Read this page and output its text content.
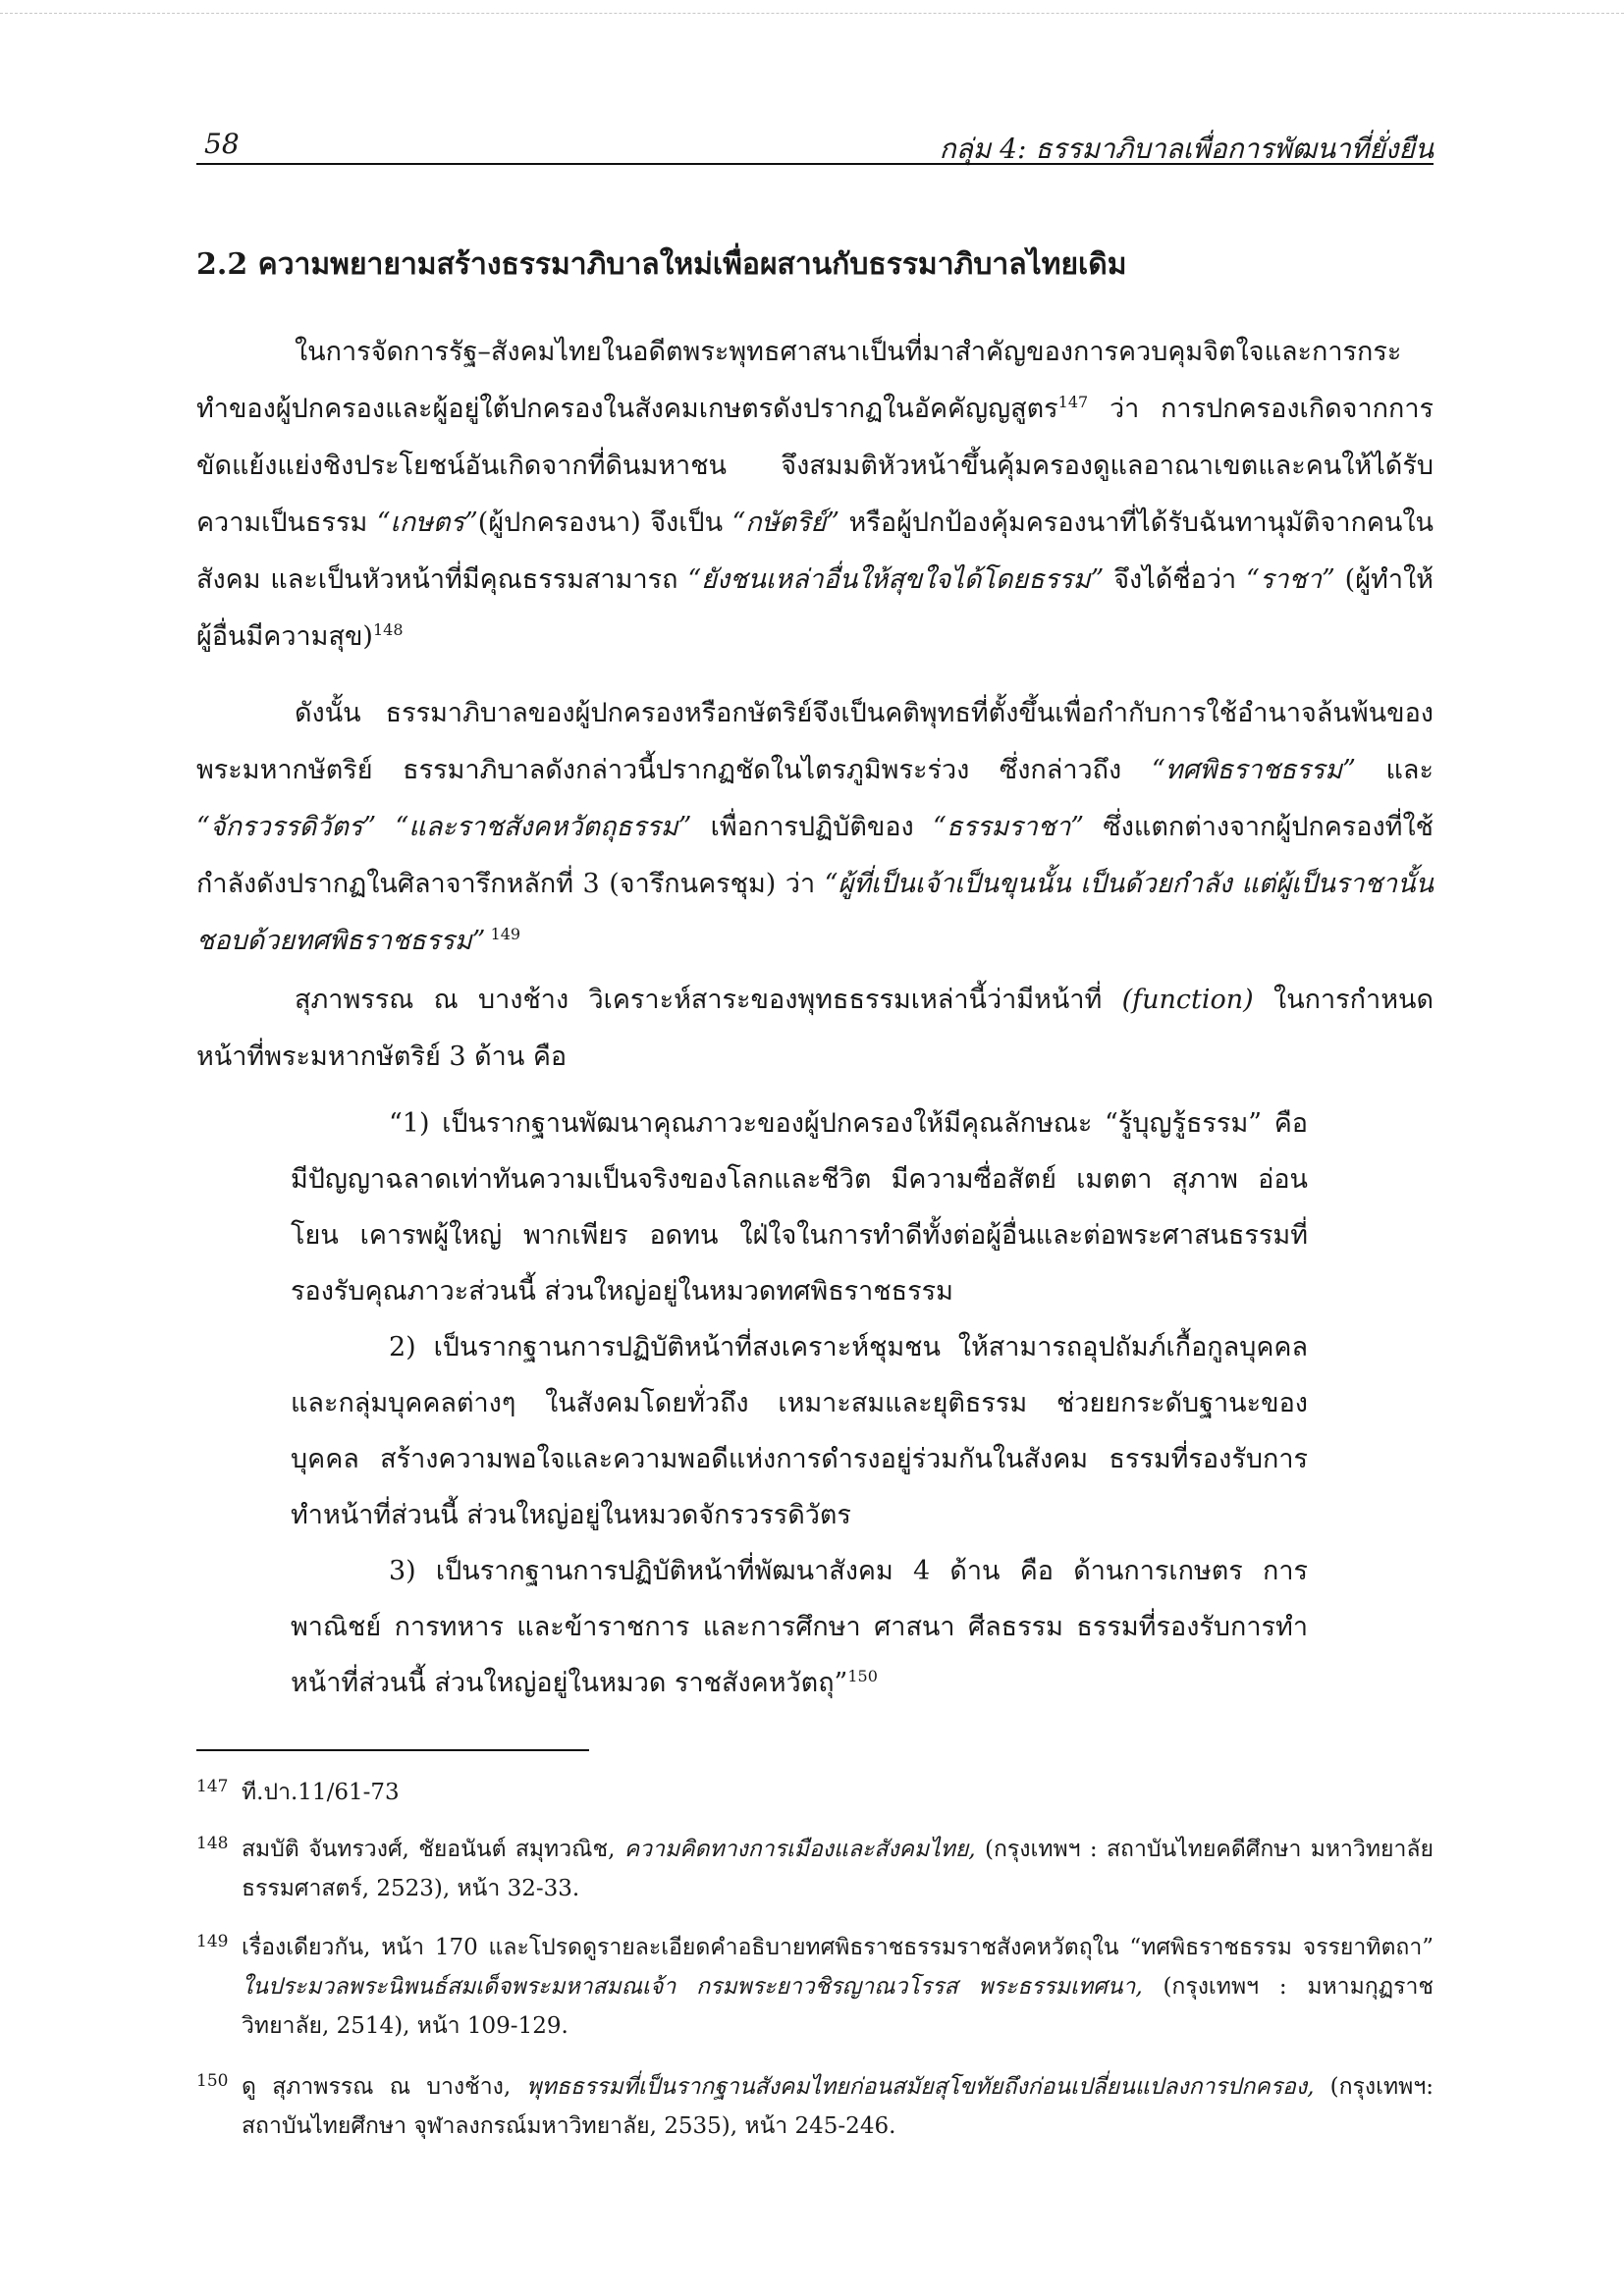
58	กลุ่ม 4: ธรรมาภิบาลเพื่อการพัฒนาที่ยั่งยืน
2.2 ความพยายามสร้างธรรมาภิบาลใหม่เพื่อผสานกับธรรมาภิบาลไทยเดิม

ในการจัดการรัฐ–สังคมไทยในอดีตพระพุทธศาสนาเป็นที่มาสำคัญของการควบคุมจิตใจและการกระทำของผู้ปกครองและผู้อยู่ใต้ปกครองในสังคมเกษตรดังปรากฏในอัคคัญญสูตร$^{147}$ ว่า การปกครองเกิดจากการขัดแย้งแย่งชิงประโยชน์อันเกิดจากที่ดินมหาชน จึงสมมติหัวหน้าขึ้นคุ้มครองดูแลอาณาเขตและคนให้ได้รับความเป็นธรรม “เกษตร”(ผู้ปกครองนา) จึงเป็น “กษัตริย์” หรือผู้ปกป้องคุ้มครองนาที่ได้รับฉันทานุมัติจากคนในสังคม และเป็นหัวหน้าที่มีคุณธรรมสามารถ “ยังชนเหล่าอื่นให้สุขใจได้โดยธรรม” จึงได้ชื่อว่า “ราชา” (ผู้ทำให้ผู้อื่นมีความสุข)$^{148}$

ดังนั้น ธรรมาภิบาลของผู้ปกครองหรือกษัตริย์จึงเป็นคติพุทธที่ตั้งขึ้นเพื่อกำกับการใช้อำนาจล้นพ้นของพระมหากษัตริย์ ธรรมาภิบาลดังกล่าวนี้ปรากฏชัดในไตรภูมิพระร่วง ซึ่งกล่าวถึง “ทศพิธราชธรรม” และ “จักรวรรดิวัตร” “และราชสังคหวัตถุธรรม” เพื่อการปฏิบัติของ “ธรรมราชา” ซึ่งแตกต่างจากผู้ปกครองที่ใช้กำลังดังปรากฏในศิลาจารึกหลักที่ 3 (จารึกนครชุม) ว่า “ผู้ที่เป็นเจ้าเป็นขุนนั้น เป็นด้วยกำลัง แต่ผู้เป็นราชานั้นชอบด้วยทศพิธราชธรรม” $^{149}$

สุภาพรรณ ณ บางช้าง วิเคราะห์สาระของพุทธธรรมเหล่านี้ว่ามีหน้าที่ (function) ในการกำหนดหน้าที่พระมหากษัตริย์ 3 ด้าน คือ

“1) เป็นรากฐานพัฒนาคุณภาวะของผู้ปกครองให้มีคุณลักษณะ “รู้บุญรู้ธรรม” คือ มีปัญญาฉลาดเท่าทันความเป็นจริงของโลกและชีวิต มีความซื่อสัตย์ เมตตา สุภาพ อ่อนโยน เคารพผู้ใหญ่ พากเพียร อดทน ใฝ่ใจในการทำดีทั้งต่อผู้อื่นและต่อพระศาสนธรรมที่รองรับคุณภาวะส่วนนี้ ส่วนใหญ่อยู่ในหมวดทศพิธราชธรรม

2) เป็นรากฐานการปฏิบัติหน้าที่สงเคราะห์ชุมชน ให้สามารถอุปถัมภ์เกื้อกูลบุคคลและกลุ่มบุคคลต่างๆ ในสังคมโดยทั่วถึง เหมาะสมและยุติธรรม ช่วยยกระดับฐานะของบุคคล สร้างความพอใจและความพอดีแห่งการดำรงอยู่ร่วมกันในสังคม ธรรมที่รองรับการทำหน้าที่ส่วนนี้ ส่วนใหญ่อยู่ในหมวดจักรวรรดิวัตร

3) เป็นรากฐานการปฏิบัติหน้าที่พัฒนาสังคม 4 ด้าน คือ ด้านการเกษตร การพาณิชย์ การทหาร และข้าราชการ และการศึกษา ศาสนา ศีลธรรม ธรรมที่รองรับการทำหน้าที่ส่วนนี้ ส่วนใหญ่อยู่ในหมวด ราชสังคหวัตถุ”$^{150}$

147 ที.ปา.11/61-73
148 สมบัติ จันทรวงศ์, ชัยอนันต์ สมุทวณิช, ความคิดทางการเมืองและสังคมไทย, (กรุงเทพฯ : สถาบันไทยคดีศึกษา มหาวิทยาลัยธรรมศาสตร์, 2523), หน้า 32-33.
149 เรื่องเดียวกัน, หน้า 170 และโปรดดูรายละเอียดคำอธิบายทศพิธราชธรรมราชสังคหวัตถุใน “ทศพิธราชธรรม จรรยาทิตถา” ในประมวลพระนิพนธ์สมเด็จพระมหาสมณเจ้า กรมพระยาวชิรญาณวโรรส พระธรรมเทศนา, (กรุงเทพฯ : มหามกุฏราชวิทยาลัย, 2514), หน้า 109-129.
150 ดู สุภาพรรณ ณ บางช้าง, พุทธธรรมที่เป็นรากฐานสังคมไทยก่อนสมัยสุโขทัยถึงก่อนเปลี่ยนแปลงการปกครอง, (กรุงเทพฯ: สถาบันไทยศึกษา จุฬาลงกรณ์มหาวิทยาลัย, 2535), หน้า 245-246.
